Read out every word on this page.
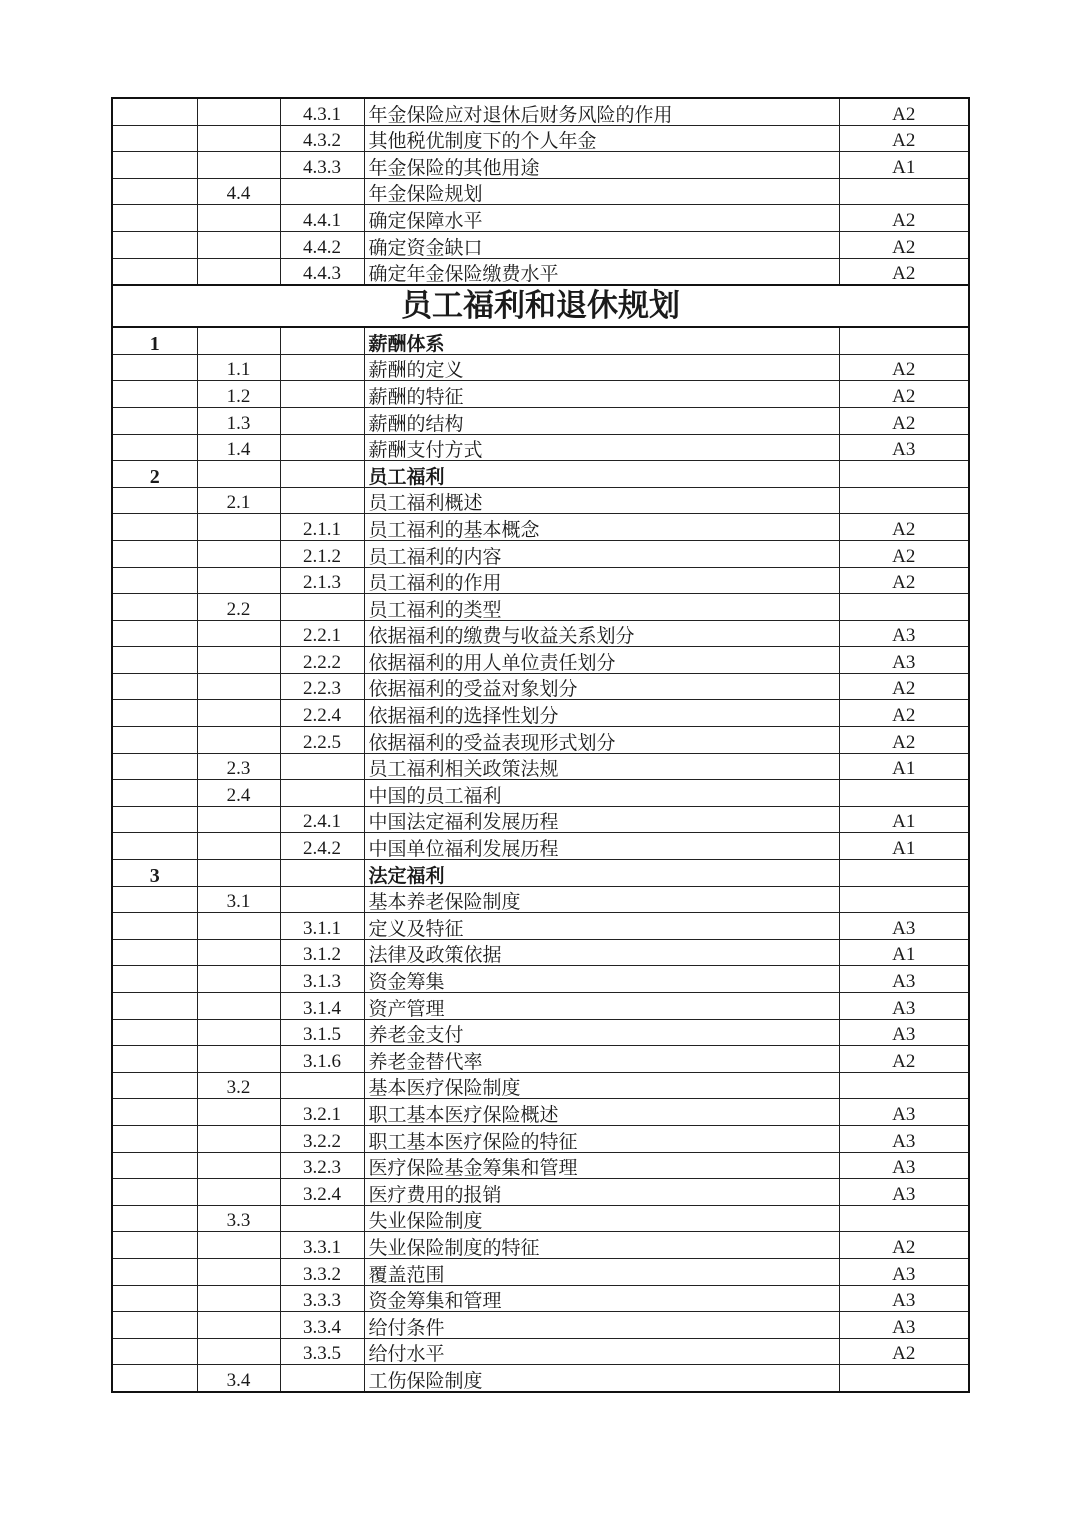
		4.3.1	年金保险应对退休后财务风险的作用	A2
		4.3.2	其他税优制度下的个人年金	A2
		4.3.3	年金保险的其他用途	A1
	4.4		年金保险规划	
		4.4.1	确定保障水平	A2
		4.4.2	确定资金缺口	A2
		4.4.3	确定年金保险缴费水平	A2
员工福利和退休规划				
1			薪酬体系	
	1.1		薪酬的定义	A2
	1.2		薪酬的特征	A2
	1.3		薪酬的结构	A2
	1.4		薪酬支付方式	A3
2			员工福利	
	2.1		员工福利概述	
		2.1.1	员工福利的基本概念	A2
		2.1.2	员工福利的内容	A2
		2.1.3	员工福利的作用	A2
	2.2		员工福利的类型	
		2.2.1	依据福利的缴费与收益关系划分	A3
		2.2.2	依据福利的用人单位责任划分	A3
		2.2.3	依据福利的受益对象划分	A2
		2.2.4	依据福利的选择性划分	A2
		2.2.5	依据福利的受益表现形式划分	A2
	2.3		员工福利相关政策法规	A1
	2.4		中国的员工福利	
		2.4.1	中国法定福利发展历程	A1
		2.4.2	中国单位福利发展历程	A1
3			法定福利	
	3.1		基本养老保险制度	
		3.1.1	定义及特征	A3
		3.1.2	法律及政策依据	A1
		3.1.3	资金筹集	A3
		3.1.4	资产管理	A3
		3.1.5	养老金支付	A3
		3.1.6	养老金替代率	A2
	3.2		基本医疗保险制度	
		3.2.1	职工基本医疗保险概述	A3
		3.2.2	职工基本医疗保险的特征	A3
		3.2.3	医疗保险基金筹集和管理	A3
		3.2.4	医疗费用的报销	A3
	3.3		失业保险制度	
		3.3.1	失业保险制度的特征	A2
		3.3.2	覆盖范围	A3
		3.3.3	资金筹集和管理	A3
		3.3.4	给付条件	A3
		3.3.5	给付水平	A2
	3.4		工伤保险制度	
